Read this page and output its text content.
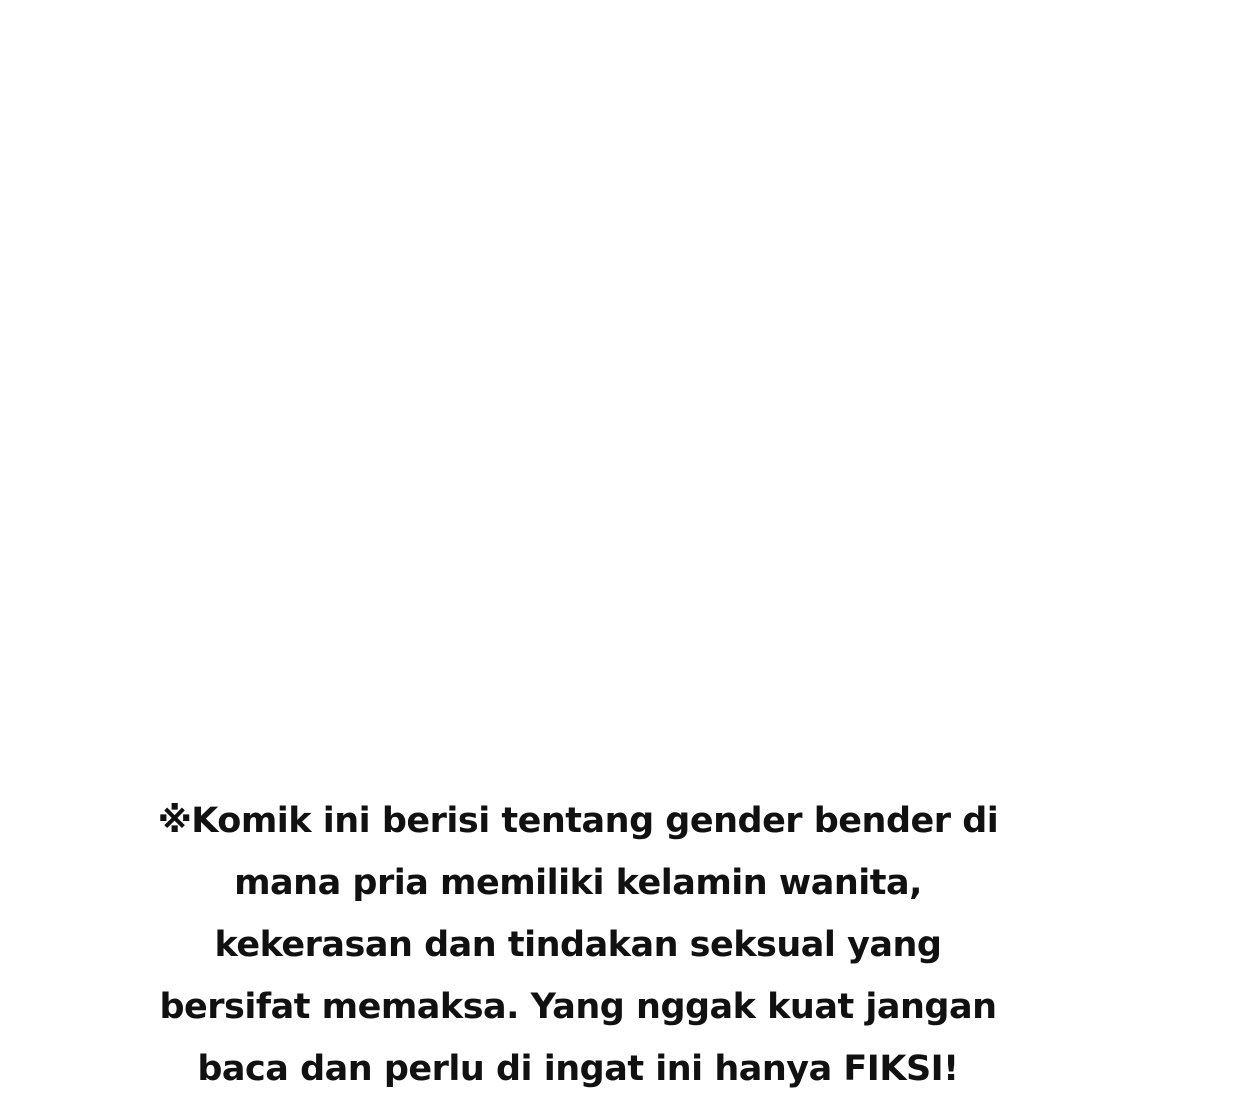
※Komik ini berisi tentang gender bender di
mana pria memiliki kelamin wanita,
kekerasan dan tindakan seksual yang
bersifat memaksa. Yang nggak kuat jangan
baca dan perlu di ingat ini hanya FIKSI!
